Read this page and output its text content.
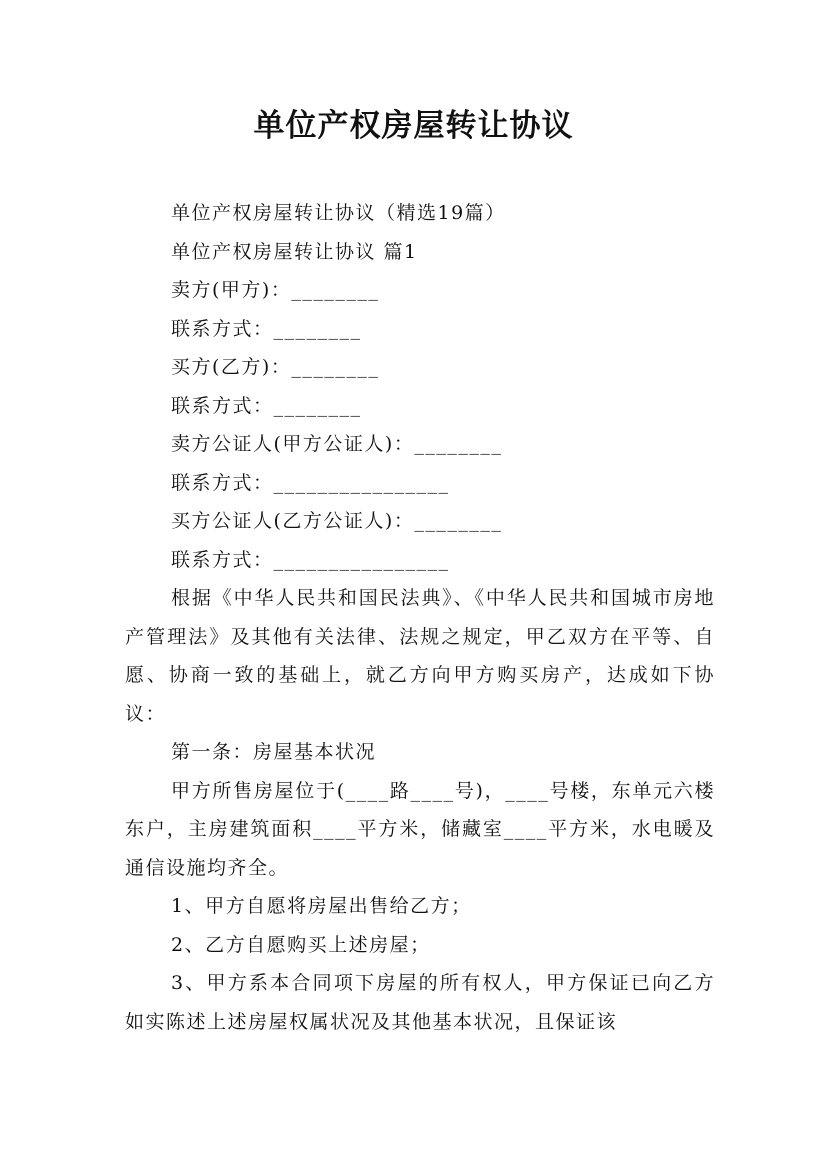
单位产权房屋转让协议
单位产权房屋转让协议（精选19篇）
单位产权房屋转让协议 篇1
卖方(甲方)：________
联系方式：________
买方(乙方)：________
联系方式：________
卖方公证人(甲方公证人)：________
联系方式：________________
买方公证人(乙方公证人)：________
联系方式：________________
根据《中华人民共和国民法典》、《中华人民共和国城市房地产管理法》及其他有关法律、法规之规定，甲乙双方在平等、自愿、协商一致的基础上，就乙方向甲方购买房产，达成如下协议：
第一条：房屋基本状况
甲方所售房屋位于(____路____号)，____号楼，东单元六楼东户，主房建筑面积____平方米，储藏室____平方米，水电暖及通信设施均齐全。
1、甲方自愿将房屋出售给乙方；
2、乙方自愿购买上述房屋；
3、甲方系本合同项下房屋的所有权人，甲方保证已向乙方如实陈述上述房屋权属状况及其他基本状况，且保证该
